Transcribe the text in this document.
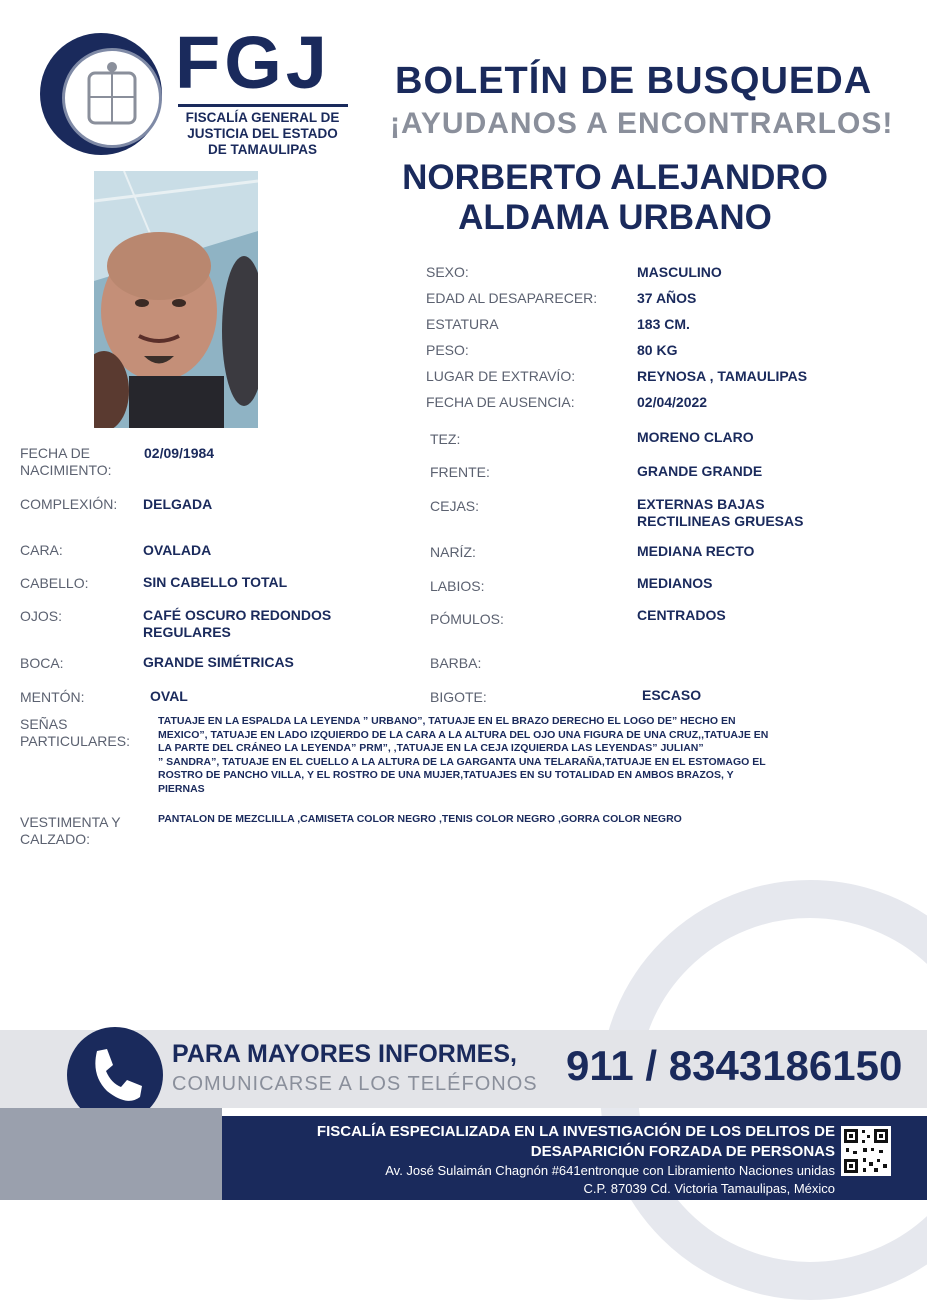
FGJ
FISCALÍA GENERAL DE
JUSTICIA DEL ESTADO
DE TAMAULIPAS
BOLETÍN DE BUSQUEDA
¡AYUDANOS A ENCONTRARLOS!
NORBERTO ALEJANDRO
ALDAMA URBANO
SEXO:	MASCULINO
EDAD AL DESAPARECER:	37 AÑOS
ESTATURA	183 CM.
PESO:	80 KG
LUGAR DE EXTRAVÍO:	REYNOSA , TAMAULIPAS
FECHA DE AUSENCIA:	02/04/2022
FECHA DE
NACIMIENTO:
02/09/1984
COMPLEXIÓN: DELGADA
CARA:	OVALADA
CABELLO:	SIN CABELLO TOTAL
OJOS:	CAFÉ OSCURO REDONDOS
REGULARES
BOCA:	GRANDE SIMÉTRICAS
MENTÓN:	OVAL
TEZ:	MORENO CLARO
FRENTE:	GRANDE GRANDE
CEJAS:	EXTERNAS BAJAS
RECTILINEAS GRUESAS
NARÍZ:	MEDIANA RECTO
LABIOS:	MEDIANOS
PÓMULOS:	CENTRADOS
BARBA:
BIGOTE:	ESCASO
SEÑAS
PARTICULARES:
TATUAJE EN LA ESPALDA LA LEYENDA ” URBANO”, TATUAJE EN EL BRAZO DERECHO EL LOGO DE” HECHO EN
MEXICO”, TATUAJE EN LADO IZQUIERDO DE LA CARA A LA ALTURA DEL OJO UNA FIGURA DE UNA CRUZ,,TATUAJE EN
LA PARTE DEL CRÁNEO LA LEYENDA” PRM”, ,TATUAJE EN LA CEJA IZQUIERDA LAS LEYENDAS” JULIAN”
” SANDRA”, TATUAJE EN EL CUELLO A LA ALTURA DE LA GARGANTA UNA TELARAÑA,TATUAJE EN EL ESTOMAGO EL
ROSTRO DE PANCHO VILLA, Y EL ROSTRO DE UNA MUJER,TATUAJES EN SU TOTALIDAD EN AMBOS BRAZOS, Y
PIERNAS
VESTIMENTA Y
CALZADO:
PANTALON DE MEZCLILLA ,CAMISETA COLOR NEGRO ,TENIS COLOR NEGRO ,GORRA COLOR NEGRO
PARA MAYORES INFORMES,
COMUNICARSE A LOS TELÉFONOS 911 / 8343186150
FISCALÍA ESPECIALIZADA EN LA INVESTIGACIÓN DE LOS DELITOS DE
DESAPARICIÓN FORZADA DE PERSONAS
Av. José Sulaimán Chagnón #641entronque con Libramiento Naciones unidas
C.P. 87039 Cd. Victoria Tamaulipas, México
